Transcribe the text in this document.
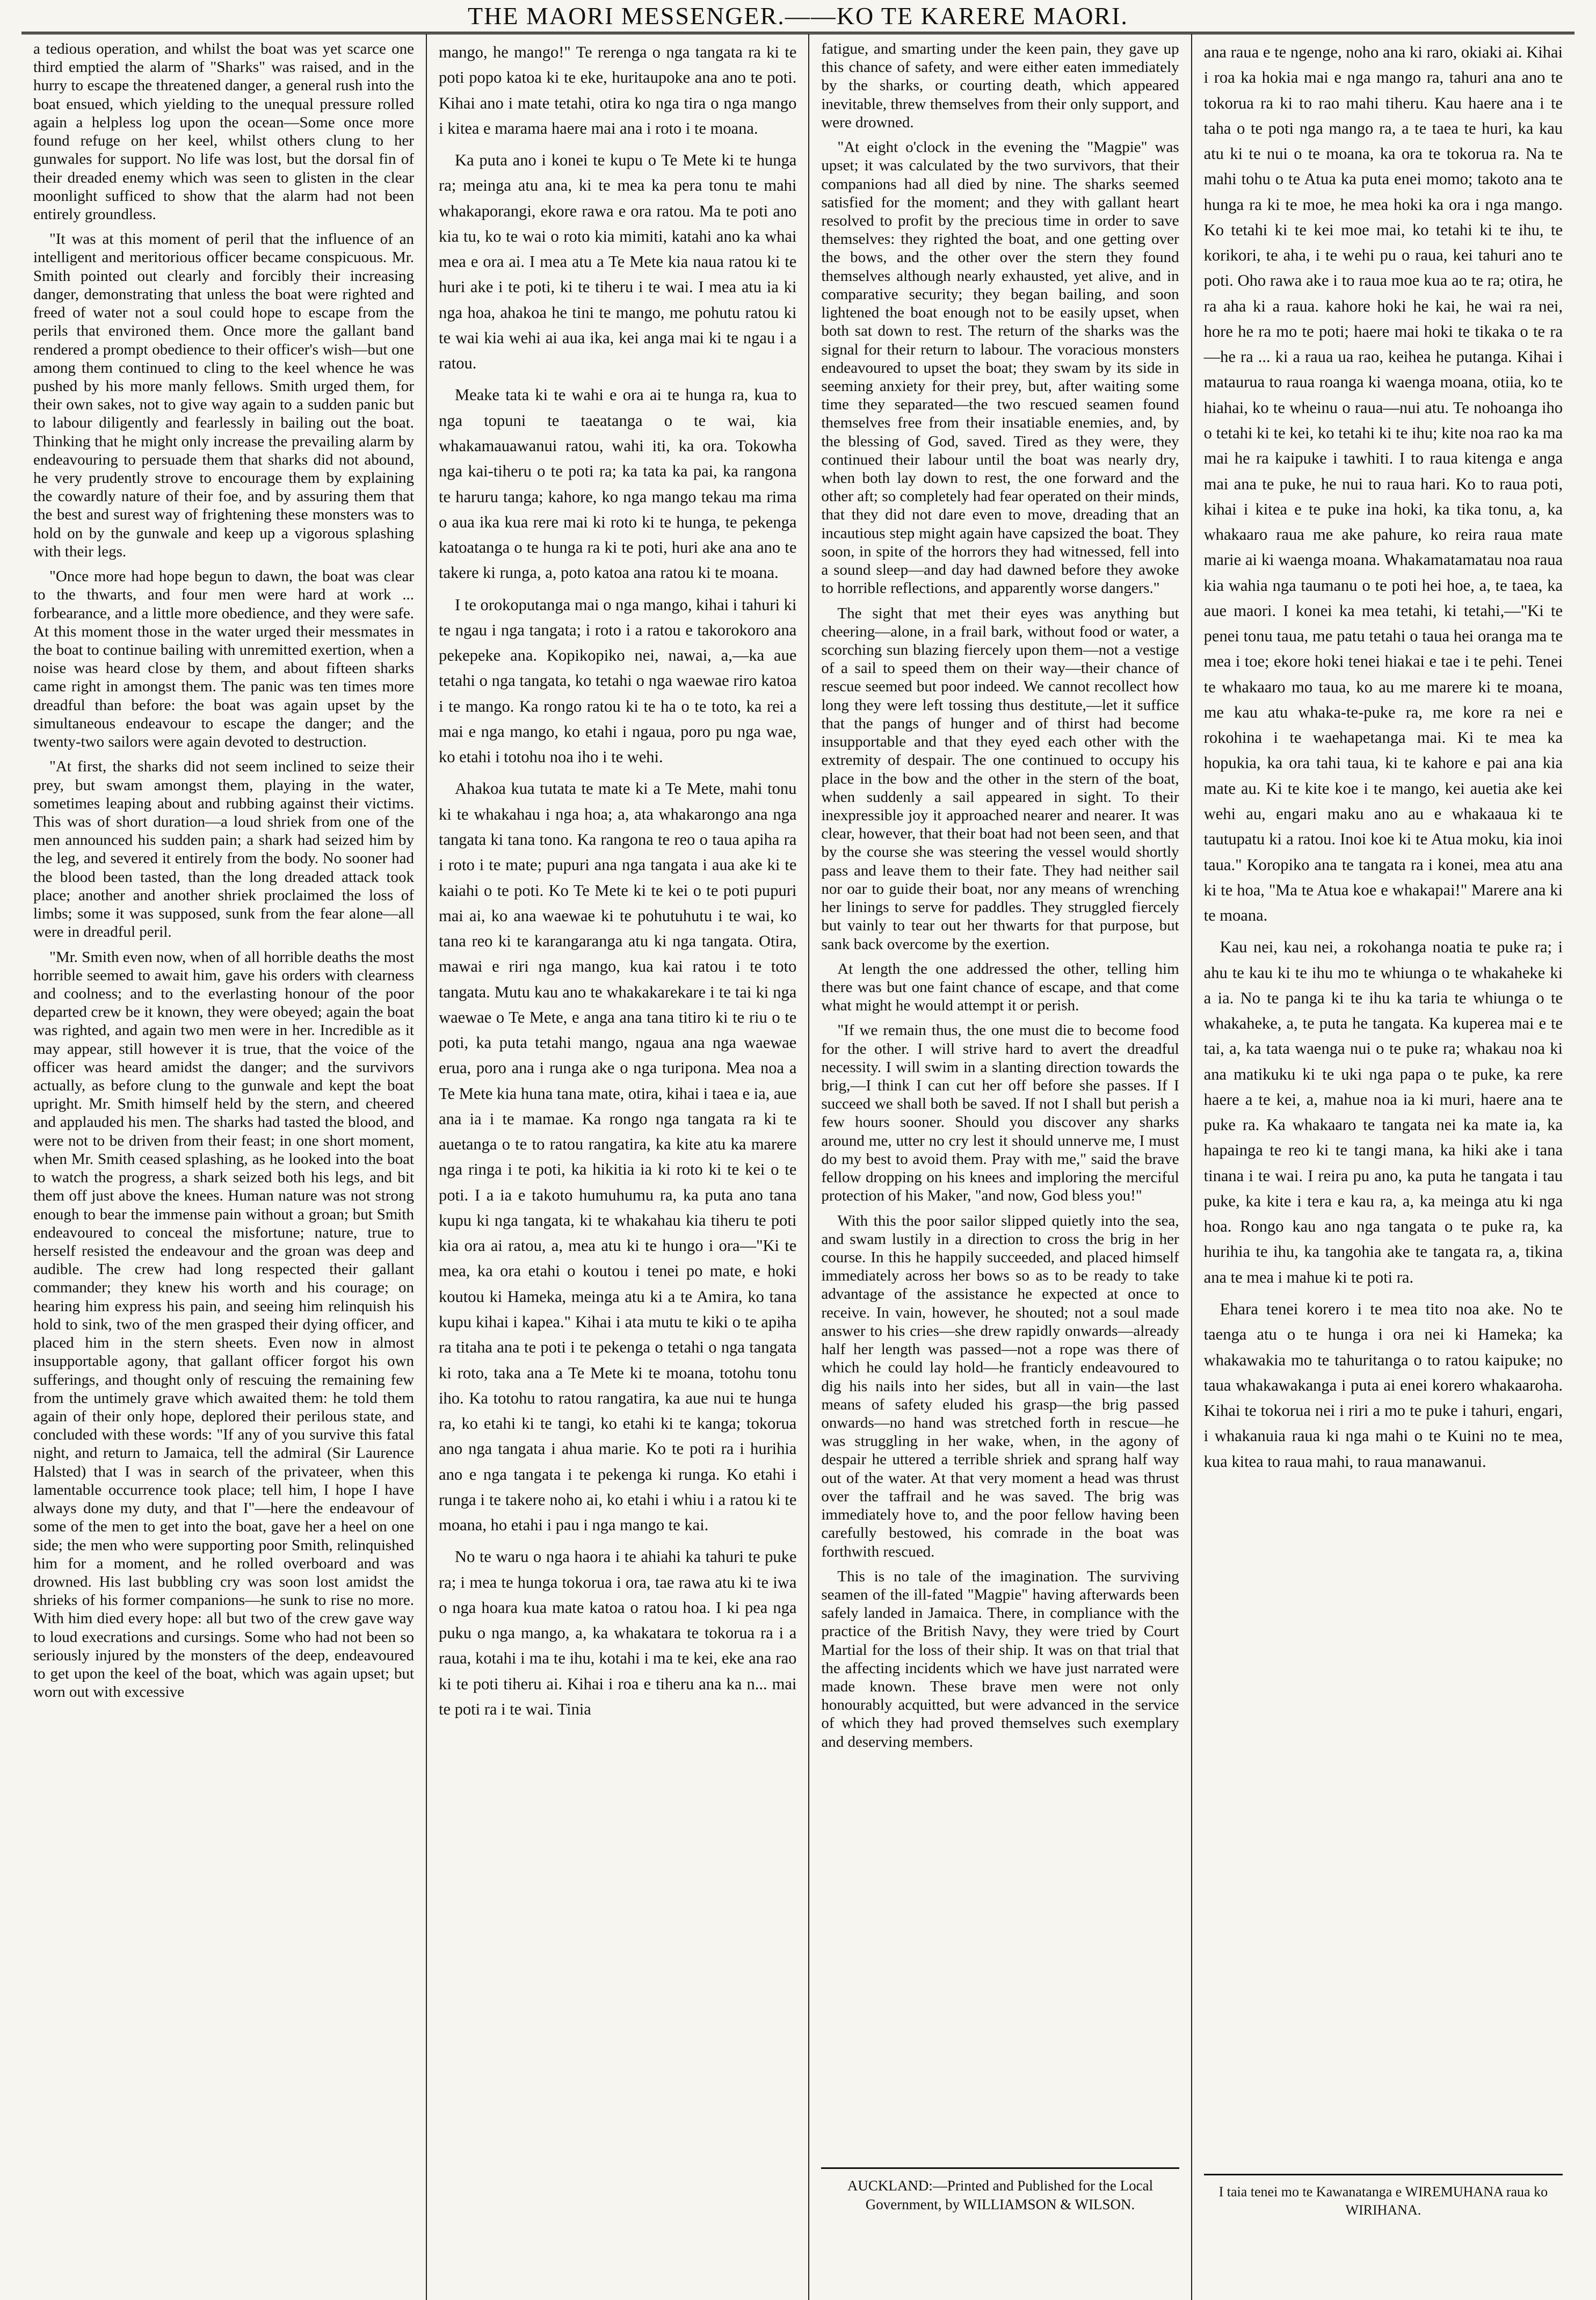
THE MAORI MESSENGER.——KO TE KARERE MAORI.

a tedious operation, and whilst the boat was yet scarce one third emptied the alarm of "Sharks" was raised, and in the hurry to escape the threatened danger, a general rush into the boat ensued, which yielding to the unequal pressure rolled again a helpless log upon the ocean—Some once more found refuge on her keel, whilst others clung to her gunwales for support. No life was lost, but the dorsal fin of their dreaded enemy which was seen to glisten in the clear moonlight sufficed to show that the alarm had not been entirely groundless.

"It was at this moment of peril that the influence of an intelligent and meritorious officer became conspicuous. Mr. Smith pointed out clearly and forcibly their increasing danger, demonstrating that unless the boat were righted and freed of water not a soul could hope to escape from the perils that environed them. Once more the gallant band rendered a prompt obedience to their officer's wish—but one among them continued to cling to the keel whence he was pushed by his more manly fellows. Smith urged them, for their own sakes, not to give way again to a sudden panic but to labour diligently and fearlessly in bailing out the boat. Thinking that he might only increase the prevailing alarm by endeavouring to persuade them that sharks did not abound, he very prudently strove to encourage them by explaining the cowardly nature of their foe, and by assuring them that the best and surest way of frightening these monsters was to hold on by the gunwale and keep up a vigorous splashing with their legs.

"Once more had hope begun to dawn, the boat was clear to the thwarts, and four men were hard at work ... forbearance, and a little more obedience, and they were safe. At this moment those in the water urged their messmates in the boat to continue bailing with unremitted exertion, when a noise was heard close by them, and about fifteen sharks came right in amongst them. The panic was ten times more dreadful than before: the boat was again upset by the simultaneous endeavour to escape the danger; and the twenty-two sailors were again devoted to destruction.

"At first, the sharks did not seem inclined to seize their prey, but swam amongst them, playing in the water, sometimes leaping about and rubbing against their victims. This was of short duration—a loud shriek from one of the men announced his sudden pain; a shark had seized him by the leg, and severed it entirely from the body. No sooner had the blood been tasted, than the long dreaded attack took place; another and another shriek proclaimed the loss of limbs; some it was supposed, sunk from the fear alone—all were in dreadful peril.

"Mr. Smith even now, when of all horrible deaths the most horrible seemed to await him, gave his orders with clearness and coolness; and to the everlasting honour of the poor departed crew be it known, they were obeyed; again the boat was righted, and again two men were in her. Incredible as it may appear, still however it is true, that the voice of the officer was heard amidst the danger; and the survivors actually, as before clung to the gunwale and kept the boat upright. Mr. Smith himself held by the stern, and cheered and applauded his men. The sharks had tasted the blood, and were not to be driven from their feast; in one short moment, when Mr. Smith ceased splashing, as he looked into the boat to watch the progress, a shark seized both his legs, and bit them off just above the knees. Human nature was not strong enough to bear the immense pain without a groan; but Smith endeavoured to conceal the misfortune; nature, true to herself resisted the endeavour and the groan was deep and audible. The crew had long respected their gallant commander; they knew his worth and his courage; on hearing him express his pain, and seeing him relinquish his hold to sink, two of the men grasped their dying officer, and placed him in the stern sheets. Even now in almost insupportable agony, that gallant officer forgot his own sufferings, and thought only of rescuing the remaining few from the untimely grave which awaited them: he told them again of their only hope, deplored their perilous state, and concluded with these words: "If any of you survive this fatal night, and return to Jamaica, tell the admiral (Sir Laurence Halsted) that I was in search of the privateer, when this lamentable occurrence took place; tell him, I hope I have always done my duty, and that I"—here the endeavour of some of the men to get into the boat, gave her a heel on one side; the men who were supporting poor Smith, relinquished him for a moment, and he rolled overboard and was drowned. His last bubbling cry was soon lost amidst the shrieks of his former companions—he sunk to rise no more. With him died every hope: all but two of the crew gave way to loud execrations and cursings. Some who had not been so seriously injured by the monsters of the deep, endeavoured to get upon the keel of the boat, which was again upset; but worn out with excessive

mango, he mango!" Te rerenga o nga tangata ra ki te poti popo katoa ki te eke, huritaupoke ana ano te poti. Kihai ano i mate tetahi, otira ko nga tira o nga mango i kitea e marama haere mai ana i roto i te moana.

Ka puta ano i konei te kupu o Te Mete ki te hunga ra; meinga atu ana, ki te mea ka pera tonu te mahi whakaporangi, ekore rawa e ora ratou. Ma te poti ano kia tu, ko te wai o roto kia mimiti, katahi ano ka whai mea e ora ai. I mea atu a Te Mete kia naua ratou ki te huri ake i te poti, ki te tiheru i te wai. I mea atu ia ki nga hoa, ahakoa he tini te mango, me pohutu ratou ki te wai kia wehi ai aua ika, kei anga mai ki te ngau i a ratou.

Meake tata ki te wahi e ora ai te hunga ra, kua to nga topuni te taeatanga o te wai, kia whakamauawanui ratou, wahi iti, ka ora. Tokowha nga kai-tiheru o te poti ra; ka tata ka pai, ka rangona te haruru tanga; kahore, ko nga mango tekau ma rima o aua ika kua rere mai ki roto ki te hunga, te pekenga katoatanga o te hunga ra ki te poti, huri ake ana ano te takere ki runga, a, poto katoa ana ratou ki te moana.

I te orokoputanga mai o nga mango, kihai i tahuri ki te ngau i nga tangata; i roto i a ratou e takorokoro ana pekepeke ana. Kopikopiko nei, nawai, a,—ka aue tetahi o nga tangata, ko tetahi o nga waewae riro katoa i te mango. Ka rongo ratou ki te ha o te toto, ka rei a mai e nga mango, ko etahi i ngaua, poro pu nga wae, ko etahi i totohu noa iho i te wehi.

Ahakoa kua tutata te mate ki a Te Mete, mahi tonu ki te whakahau i nga hoa; a, ata whakarongo ana nga tangata ki tana tono. Ka rangona te reo o taua apiha ra i roto i te mate; pupuri ana nga tangata i aua ake ki te kaiahi o te poti. Ko Te Mete ki te kei o te poti pupuri mai ai, ko ana waewae ki te pohutuhutu i te wai, ko tana reo ki te karangaranga atu ki nga tangata. Otira, mawai e riri nga mango, kua kai ratou i te toto tangata. Mutu kau ano te whakakarekare i te tai ki nga waewae o Te Mete, e anga ana tana titiro ki te riu o te poti, ka puta tetahi mango, ngaua ana nga waewae erua, poro ana i runga ake o nga turipona. Mea noa a Te Mete kia huna tana mate, otira, kihai i taea e ia, aue ana ia i te mamae. Ka rongo nga tangata ra ki te auetanga o te to ratou rangatira, ka kite atu ka marere nga ringa i te poti, ka hikitia ia ki roto ki te kei o te poti. I a ia e takoto humuhumu ra, ka puta ano tana kupu ki nga tangata, ki te whakahau kia tiheru te poti kia ora ai ratou, a, mea atu ki te hungo i ora—"Ki te mea, ka ora etahi o koutou i tenei po mate, e hoki koutou ki Hameka, meinga atu ki a te Amira, ko tana kupu kihai i kapea." Kihai i ata mutu te kiki o te apiha ra titaha ana te poti i te pekenga o tetahi o nga tangata ki roto, taka ana a Te Mete ki te moana, totohu tonu iho. Ka totohu to ratou rangatira, ka aue nui te hunga ra, ko etahi ki te tangi, ko etahi ki te kanga; tokorua ano nga tangata i ahua marie. Ko te poti ra i hurihia ano e nga tangata i te pekenga ki runga. Ko etahi i runga i te takere noho ai, ko etahi i whiu i a ratou ki te moana, ho etahi i pau i nga mango te kai.

No te waru o nga haora i te ahiahi ka tahuri te puke ra; i mea te hunga tokorua i ora, tae rawa atu ki te iwa o nga hoara kua mate katoa o ratou hoa. I ki pea nga puku o nga mango, a, ka whakatara te tokorua ra i a raua, kotahi i ma te ihu, kotahi i ma te kei, eke ana rao ki te poti tiheru ai. Kihai i roa e tiheru ana ka n... mai te poti ra i te wai. Tinia

fatigue, and smarting under the keen pain, they gave up this chance of safety, and were either eaten immediately by the sharks, or courting death, which appeared inevitable, threw themselves from their only support, and were drowned.

"At eight o'clock in the evening the "Magpie" was upset; it was calculated by the two survivors, that their companions had all died by nine. The sharks seemed satisfied for the moment; and they with gallant heart resolved to profit by the precious time in order to save themselves: they righted the boat, and one getting over the bows, and the other over the stern they found themselves although nearly exhausted, yet alive, and in comparative security; they began bailing, and soon lightened the boat enough not to be easily upset, when both sat down to rest. The return of the sharks was the signal for their return to labour. The voracious monsters endeavoured to upset the boat; they swam by its side in seeming anxiety for their prey, but, after waiting some time they separated—the two rescued seamen found themselves free from their insatiable enemies, and, by the blessing of God, saved. Tired as they were, they continued their labour until the boat was nearly dry, when both lay down to rest, the one forward and the other aft; so completely had fear operated on their minds, that they did not dare even to move, dreading that an incautious step might again have capsized the boat. They soon, in spite of the horrors they had witnessed, fell into a sound sleep—and day had dawned before they awoke to horrible reflections, and apparently worse dangers."

The sight that met their eyes was anything but cheering—alone, in a frail bark, without food or water, a scorching sun blazing fiercely upon them—not a vestige of a sail to speed them on their way—their chance of rescue seemed but poor indeed. We cannot recollect how long they were left tossing thus destitute,—let it suffice that the pangs of hunger and of thirst had become insupportable and that they eyed each other with the extremity of despair. The one continued to occupy his place in the bow and the other in the stern of the boat, when suddenly a sail appeared in sight. To their inexpressible joy it approached nearer and nearer. It was clear, however, that their boat had not been seen, and that by the course she was steering the vessel would shortly pass and leave them to their fate. They had neither sail nor oar to guide their boat, nor any means of wrenching her linings to serve for paddles. They struggled fiercely but vainly to tear out her thwarts for that purpose, but sank back overcome by the exertion.

At length the one addressed the other, telling him there was but one faint chance of escape, and that come what might he would attempt it or perish.

"If we remain thus, the one must die to become food for the other. I will strive hard to avert the dreadful necessity. I will swim in a slanting direction towards the brig,—I think I can cut her off before she passes. If I succeed we shall both be saved. If not I shall but perish a few hours sooner. Should you discover any sharks around me, utter no cry lest it should unnerve me, I must do my best to avoid them. Pray with me," said the brave fellow dropping on his knees and imploring the merciful protection of his Maker, "and now, God bless you!"

With this the poor sailor slipped quietly into the sea, and swam lustily in a direction to cross the brig in her course. In this he happily succeeded, and placed himself immediately across her bows so as to be ready to take advantage of the assistance he expected at once to receive. In vain, however, he shouted; not a soul made answer to his cries—she drew rapidly onwards—already half her length was passed—not a rope was there of which he could lay hold—he franticly endeavoured to dig his nails into her sides, but all in vain—the last means of safety eluded his grasp—the brig passed onwards—no hand was stretched forth in rescue—he was struggling in her wake, when, in the agony of despair he uttered a terrible shriek and sprang half way out of the water. At that very moment a head was thrust over the taffrail and he was saved. The brig was immediately hove to, and the poor fellow having been carefully bestowed, his comrade in the boat was forthwith rescued.

This is no tale of the imagination. The surviving seamen of the ill-fated "Magpie" having afterwards been safely landed in Jamaica. There, in compliance with the practice of the British Navy, they were tried by Court Martial for the loss of their ship. It was on that trial that the affecting incidents which we have just narrated were made known. These brave men were not only honourably acquitted, but were advanced in the service of which they had proved themselves such exemplary and deserving members.

AUCKLAND:—Printed and Published for the Local Government, by WILLIAMSON & WILSON.

ana raua e te ngenge, noho ana ki raro, okiaki ai. Kihai i roa ka hokia mai e nga mango ra, tahuri ana ano te tokorua ra ki to rao mahi tiheru. Kau haere ana i te taha o te poti nga mango ra, a te taea te huri, ka kau atu ki te nui o te moana, ka ora te tokorua ra. Na te mahi tohu o te Atua ka puta enei momo; takoto ana te hunga ra ki te moe, he mea hoki ka ora i nga mango. Ko tetahi ki te kei moe mai, ko tetahi ki te ihu, te korikori, te aha, i te wehi pu o raua, kei tahuri ano te poti. Oho rawa ake i to raua moe kua ao te ra; otira, he ra aha ki a raua. kahore hoki he kai, he wai ra nei, hore he ra mo te poti; haere mai hoki te tikaka o te ra—he ra ... ki a raua ua rao, keihea he putanga. Kihai i mataurua to raua roanga ki waenga moana, otiia, ko te hiahai, ko te wheinu o raua—nui atu. Te nohoanga iho o tetahi ki te kei, ko tetahi ki te ihu; kite noa rao ka ma mai he ra kaipuke i tawhiti. I to raua kitenga e anga mai ana te puke, he nui to raua hari. Ko to raua poti, kihai i kitea e te puke ina hoki, ka tika tonu, a, ka whakaaro raua me ake pahure, ko reira raua mate marie ai ki waenga moana. Whakamatamatau noa raua kia wahia nga taumanu o te poti hei hoe, a, te taea, ka aue maori. I konei ka mea tetahi, ki tetahi,—"Ki te penei tonu taua, me patu tetahi o taua hei oranga ma te mea i toe; ekore hoki tenei hiakai e tae i te pehi. Tenei te whakaaro mo taua, ko au me marere ki te moana, me kau atu whaka-te-puke ra, me kore ra nei e rokohina i te waehapetanga mai. Ki te mea ka hopukia, ka ora tahi taua, ki te kahore e pai ana kia mate au. Ki te kite koe i te mango, kei auetia ake kei wehi au, engari maku ano au e whakaaua ki te tautupatu ki a ratou. Inoi koe ki te Atua moku, kia inoi taua." Koropiko ana te tangata ra i konei, mea atu ana ki te hoa, "Ma te Atua koe e whakapai!" Marere ana ki te moana.

Kau nei, kau nei, a rokohanga noatia te puke ra; i ahu te kau ki te ihu mo te whiunga o te whakaheke ki a ia. No te panga ki te ihu ka taria te whiunga o te whakaheke, a, te puta he tangata. Ka kuperea mai e te tai, a, ka tata waenga nui o te puke ra; whakau noa ki ana matikuku ki te uki nga papa o te puke, ka rere haere a te kei, a, mahue noa ia ki muri, haere ana te puke ra. Ka whakaaro te tangata nei ka mate ia, ka hapainga te reo ki te tangi mana, ka hiki ake i tana tinana i te wai. I reira pu ano, ka puta he tangata i tau puke, ka kite i tera e kau ra, a, ka meinga atu ki nga hoa. Rongo kau ano nga tangata o te puke ra, ka hurihia te ihu, ka tangohia ake te tangata ra, a, tikina ana te mea i mahue ki te poti ra.

Ehara tenei korero i te mea tito noa ake. No te taenga atu o te hunga i ora nei ki Hameka; ka whakawakia mo te tahuritanga o to ratou kaipuke; no taua whakawakanga i puta ai enei korero whakaaroha. Kihai te tokorua nei i riri a mo te puke i tahuri, engari, i whakanuia raua ki nga mahi o te Kuini no te mea, kua kitea to raua mahi, to raua manawanui.

I taia tenei mo te Kawanatanga e WIREMUHANA raua ko WIRIHANA.
